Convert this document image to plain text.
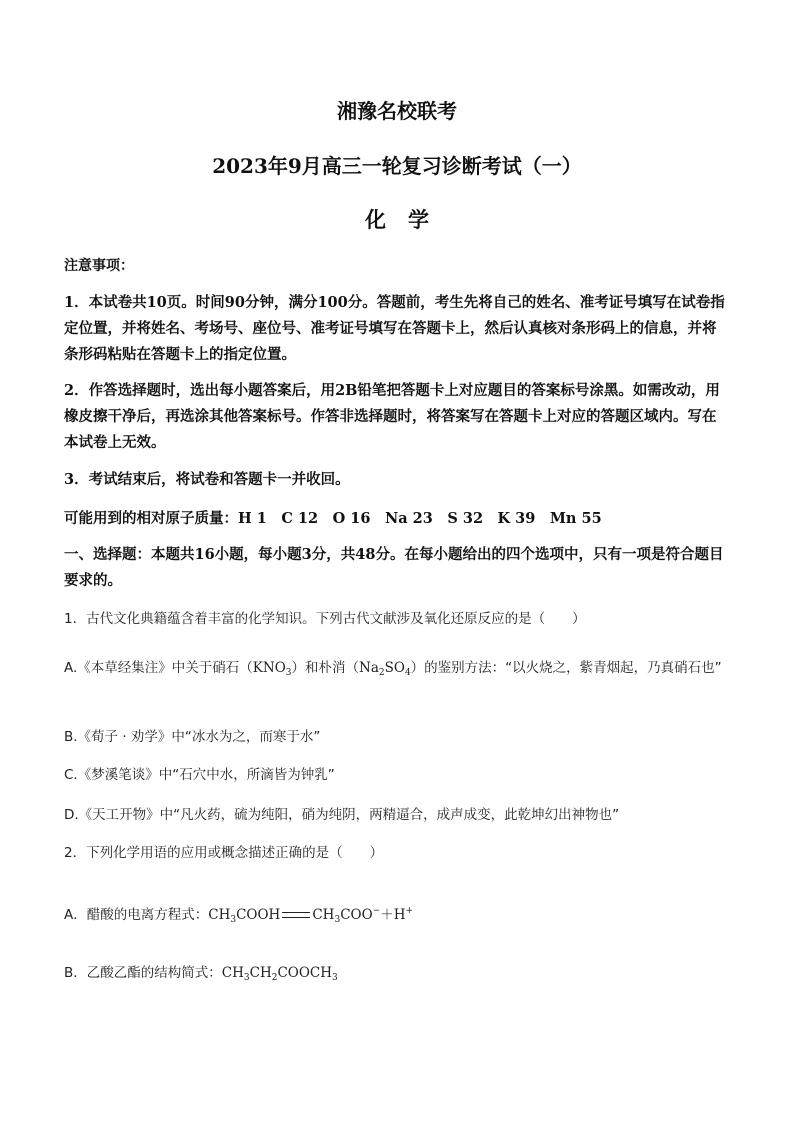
湘豫名校联考
2023年9月高三一轮复习诊断考试（一）
化学
注意事项：
1．本试卷共10页。时间90分钟，满分100分。答题前，考生先将自己的姓名、准考证号填写在试卷指定位置，并将姓名、考场号、座位号、准考证号填写在答题卡上，然后认真核对条形码上的信息，并将条形码粘贴在答题卡上的指定位置。
2．作答选择题时，选出每小题答案后，用2B铅笔把答题卡上对应题目的答案标号涂黑。如需改动，用橡皮擦干净后，再选涂其他答案标号。作答非选择题时，将答案写在答题卡上对应的答题区域内。写在本试卷上无效。
3．考试结束后，将试卷和答题卡一并收回。
可能用到的相对原子质量：H 1　C 12　O 16　Na 23　S 32　K 39　Mn 55
一、选择题：本题共16小题，每小题3分，共48分。在每小题给出的四个选项中，只有一项是符合题目要求的。
1．古代文化典籍蕴含着丰富的化学知识。下列古代文献涉及氧化还原反应的是（　　）
A.《本草经集注》中关于硝石$(KNO_3)$和朴消$(Na_2SO_4)$的鉴别方法：“以火烧之，紫青烟起，乃真硝石也”
B.《荀子 · 劝学》中“冰水为之，而寒于水”
C.《梦溪笔谈》中“石穴中水，所滴皆为钟乳”
D.《天工开物》中“凡火药，硫为纯阳，硝为纯阴，两精逼合，成声成变，此乾坤幻出神物也”
2．下列化学用语的应用或概念描述正确的是（　　）
A．醋酸的电离方程式：$CH_3COOH$ $CH_3COO^-+H^+$
B．乙酸乙酯的结构简式：$CH_3CH_2COOCH_3$
